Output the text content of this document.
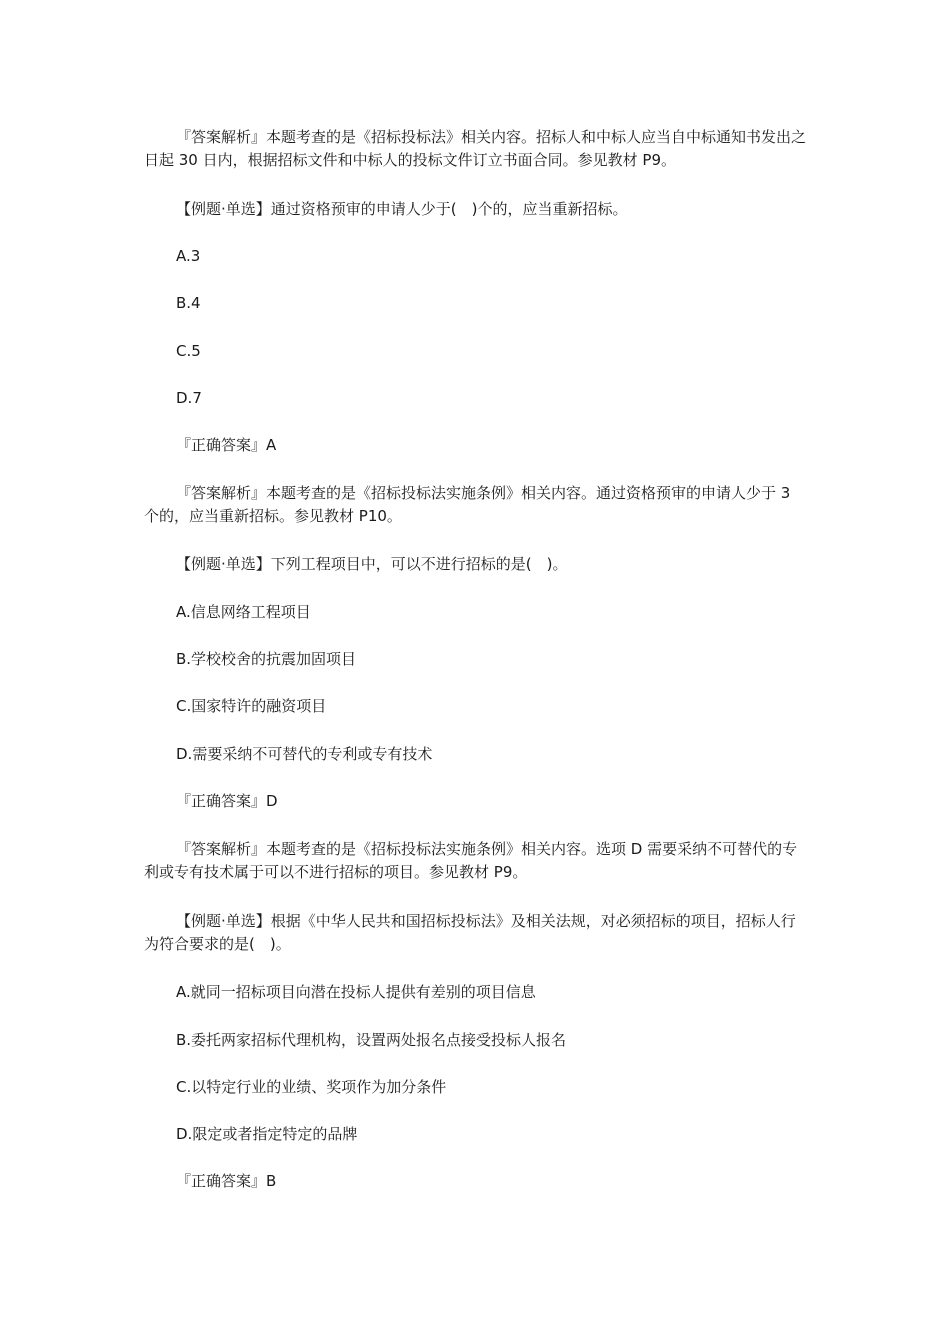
『答案解析』本题考查的是《招标投标法》相关内容。招标人和中标人应当自中标通知书发出之日起 30 日内，根据招标文件和中标人的投标文件订立书面合同。参见教材 P9。

【例题·单选】通过资格预审的申请人少于(　)个的，应当重新招标。

A.3

B.4

C.5

D.7

『正确答案』A

『答案解析』本题考查的是《招标投标法实施条例》相关内容。通过资格预审的申请人少于 3 个的，应当重新招标。参见教材 P10。

【例题·单选】下列工程项目中，可以不进行招标的是(　)。

A.信息网络工程项目

B.学校校舍的抗震加固项目

C.国家特许的融资项目

D.需要采纳不可替代的专利或专有技术

『正确答案』D

『答案解析』本题考查的是《招标投标法实施条例》相关内容。选项 D 需要采纳不可替代的专利或专有技术属于可以不进行招标的项目。参见教材 P9。

【例题·单选】根据《中华人民共和国招标投标法》及相关法规，对必须招标的项目，招标人行为符合要求的是(　)。

A.就同一招标项目向潜在投标人提供有差别的项目信息

B.委托两家招标代理机构，设置两处报名点接受投标人报名

C.以特定行业的业绩、奖项作为加分条件

D.限定或者指定特定的品牌

『正确答案』B
